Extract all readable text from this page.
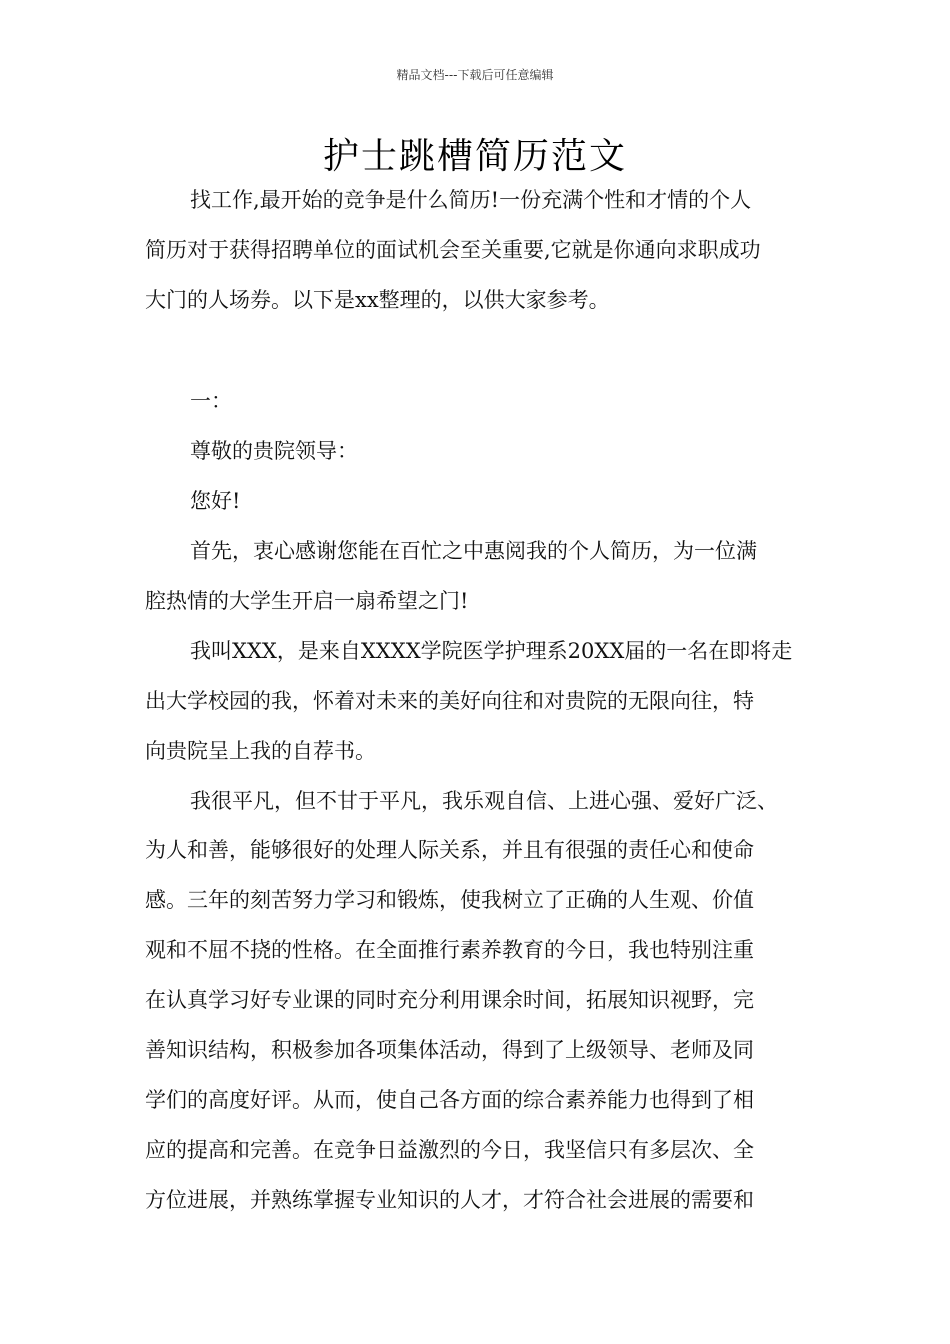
精品文档---下载后可任意编辑
护士跳槽简历范文
找工作,最开始的竞争是什么简历!一份充满个性和才情的个人
简历对于获得招聘单位的面试机会至关重要,它就是你通向求职成功
大门的人场券。以下是xx整理的，以供大家参考。
一：
尊敬的贵院领导：
您好!
首先，衷心感谢您能在百忙之中惠阅我的个人简历，为一位满
腔热情的大学生开启一扇希望之门!
我叫XXX，是来自XXXX学院医学护理系20XX届的一名在即将走
出大学校园的我，怀着对未来的美好向往和对贵院的无限向往，特
向贵院呈上我的自荐书。
我很平凡，但不甘于平凡，我乐观自信、上进心强、爱好广泛、
为人和善，能够很好的处理人际关系，并且有很强的责任心和使命
感。三年的刻苦努力学习和锻炼，使我树立了正确的人生观、价值
观和不屈不挠的性格。在全面推行素养教育的今日，我也特别注重
在认真学习好专业课的同时充分利用课余时间，拓展知识视野，完
善知识结构，积极参加各项集体活动，得到了上级领导、老师及同
学们的高度好评。从而，使自己各方面的综合素养能力也得到了相
应的提高和完善。在竞争日益激烈的今日，我坚信只有多层次、全
方位进展，并熟练掌握专业知识的人才，才符合社会进展的需要和
